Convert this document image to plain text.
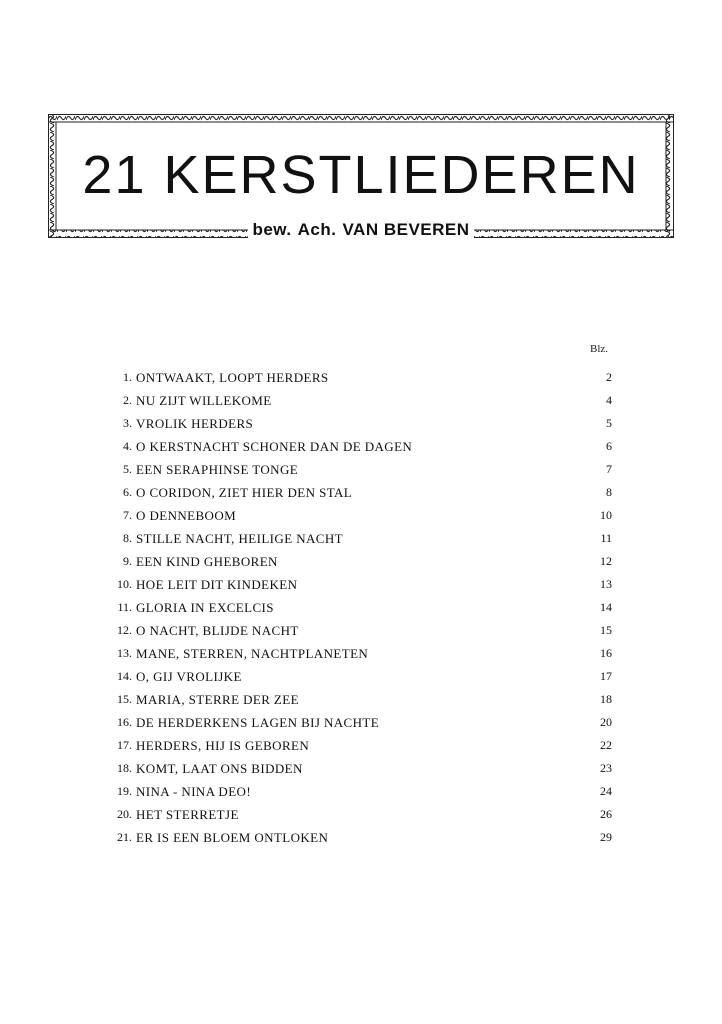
21 KERSTLIEDEREN
bew. Ach. VAN BEVEREN
Blz.
1. ONTWAAKT, LOOPT HERDERS	2
2. NU ZIJT WILLEKOME	4
3. VROLIK HERDERS	5
4. O KERSTNACHT SCHONER DAN DE DAGEN	6
5. EEN SERAPHINSE TONGE	7
6. O CORIDON, ZIET HIER DEN STAL	8
7. O DENNEBOOM	10
8. STILLE NACHT, HEILIGE NACHT	11
9. EEN KIND GHEBOREN	12
10. HOE LEIT DIT KINDEKEN	13
11. GLORIA IN EXCELCIS	14
12. O NACHT, BLIJDE NACHT	15
13. MANE, STERREN, NACHTPLANETEN	16
14. O, GIJ VROLIJKE	17
15. MARIA, STERRE DER ZEE	18
16. DE HERDERKENS LAGEN BIJ NACHTE	20
17. HERDERS, HIJ IS GEBOREN	22
18. KOMT, LAAT ONS BIDDEN	23
19. NINA - NINA DEO!	24
20. HET STERRETJE	26
21. ER IS EEN BLOEM ONTLOKEN	29
